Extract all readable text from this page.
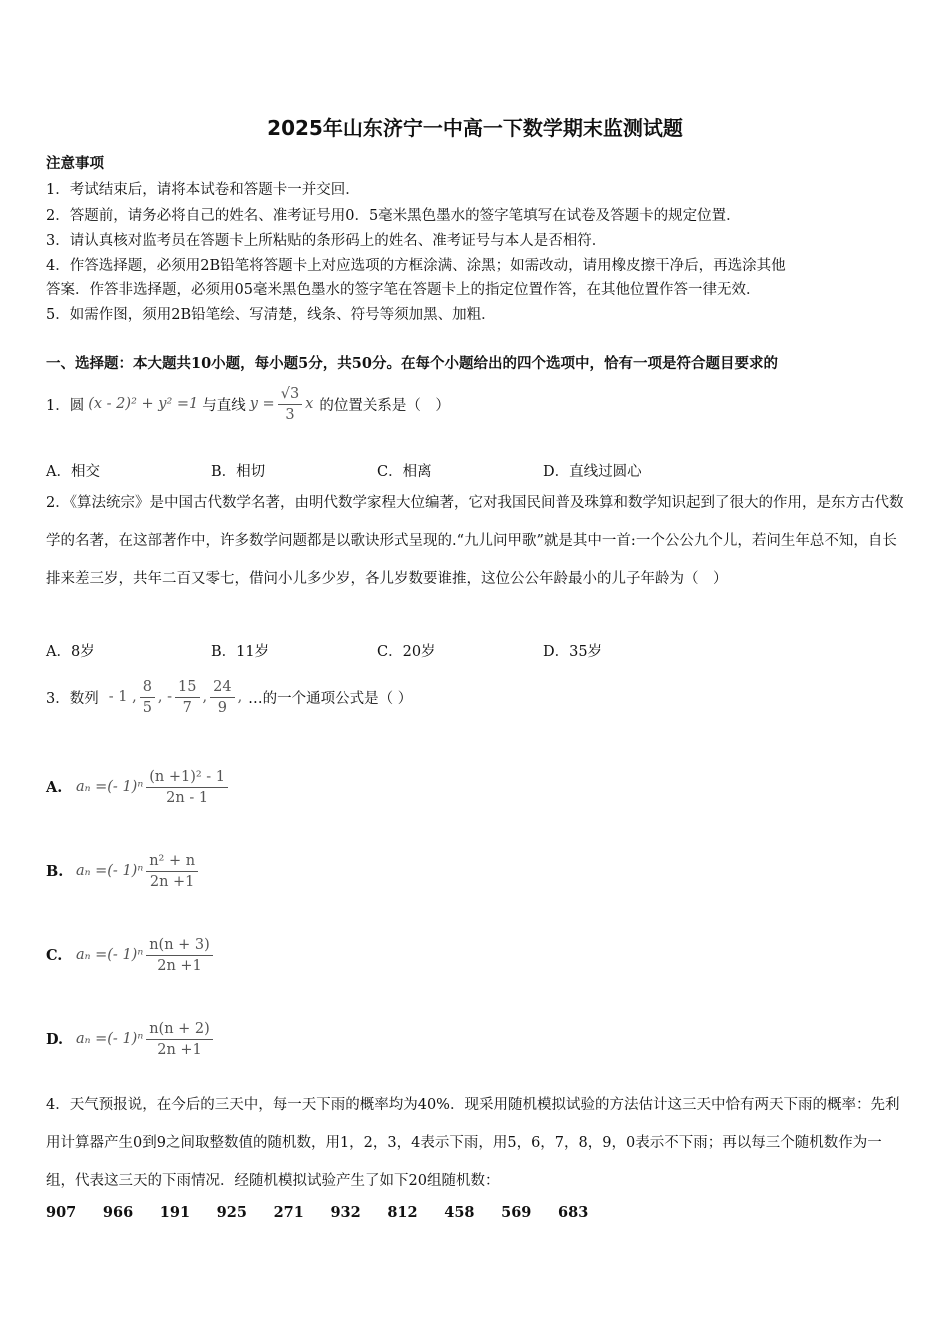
2025年山东济宁一中高一下数学期末监测试题
注意事项
1．考试结束后，请将本试卷和答题卡一并交回．
2．答题前，请务必将自己的姓名、准考证号用0．5毫米黑色墨水的签字笔填写在试卷及答题卡的规定位置．
3．请认真核对监考员在答题卡上所粘贴的条形码上的姓名、准考证号与本人是否相符．
4．作答选择题，必须用2B铅笔将答题卡上对应选项的方框涂满、涂黑；如需改动，请用橡皮擦干净后，再选涂其他
答案．作答非选择题，必须用05毫米黑色墨水的签字笔在答题卡上的指定位置作答，在其他位置作答一律无效．
5．如需作图，须用2B铅笔绘、写清楚，线条、符号等须加黑、加粗．
一、选择题：本大题共10小题，每小题5分，共50分。在每个小题给出的四个选项中，恰有一项是符合题目要求的
1．圆 (x - 2)² + y² =1 与直线 $y = \frac{√3}{3}$ x 的位置关系是（　）
A．相交	B．相切	C．相离	D．直线过圆心
2．《算法统宗》是中国古代数学名著，由明代数学家程大位编著，它对我国民间普及珠算和数学知识起到了很大的作用，是东方古代数学的名著，在这部著作中，许多数学问题都是以歌诀形式呈现的.“九儿问甲歌”就是其中一首:一个公公九个儿，若问生年总不知，自长排来差三岁，共年二百又零七，借问小儿多少岁，各儿岁数要谁推，这位公公年龄最小的儿子年龄为（　）
A．8岁	B．11岁	C．20岁	D．35岁
3．数列 - 1 , $\frac{8}{5}$ , - $\frac{15}{7}$ , $\frac{24}{9}$ , …的一个通项公式是（ ）
A. aₙ =(- $1)^n \frac{\text{(n +1)² - 1}}{2n - 1}$
B. aₙ =(- $1)^n \frac{\text{n² + n}}{2n +1}$
C. aₙ =(- $1)^n \frac{n(n + 3)}{2n +1}$
D. aₙ =(- $1)^n \frac{n(n + 2)}{2n +1}$
4．天气预报说，在今后的三天中，每一天下雨的概率均为40%．现采用随机模拟试验的方法估计这三天中恰有两天下雨的概率：先利用计算器产生0到9之间取整数值的随机数，用1，2，3，4表示下雨，用5，6，7，8，9，0表示不下雨；再以每三个随机数作为一组，代表这三天的下雨情况．经随机模拟试验产生了如下20组随机数：
907 966 191 925 271 932 812 458 569 683
